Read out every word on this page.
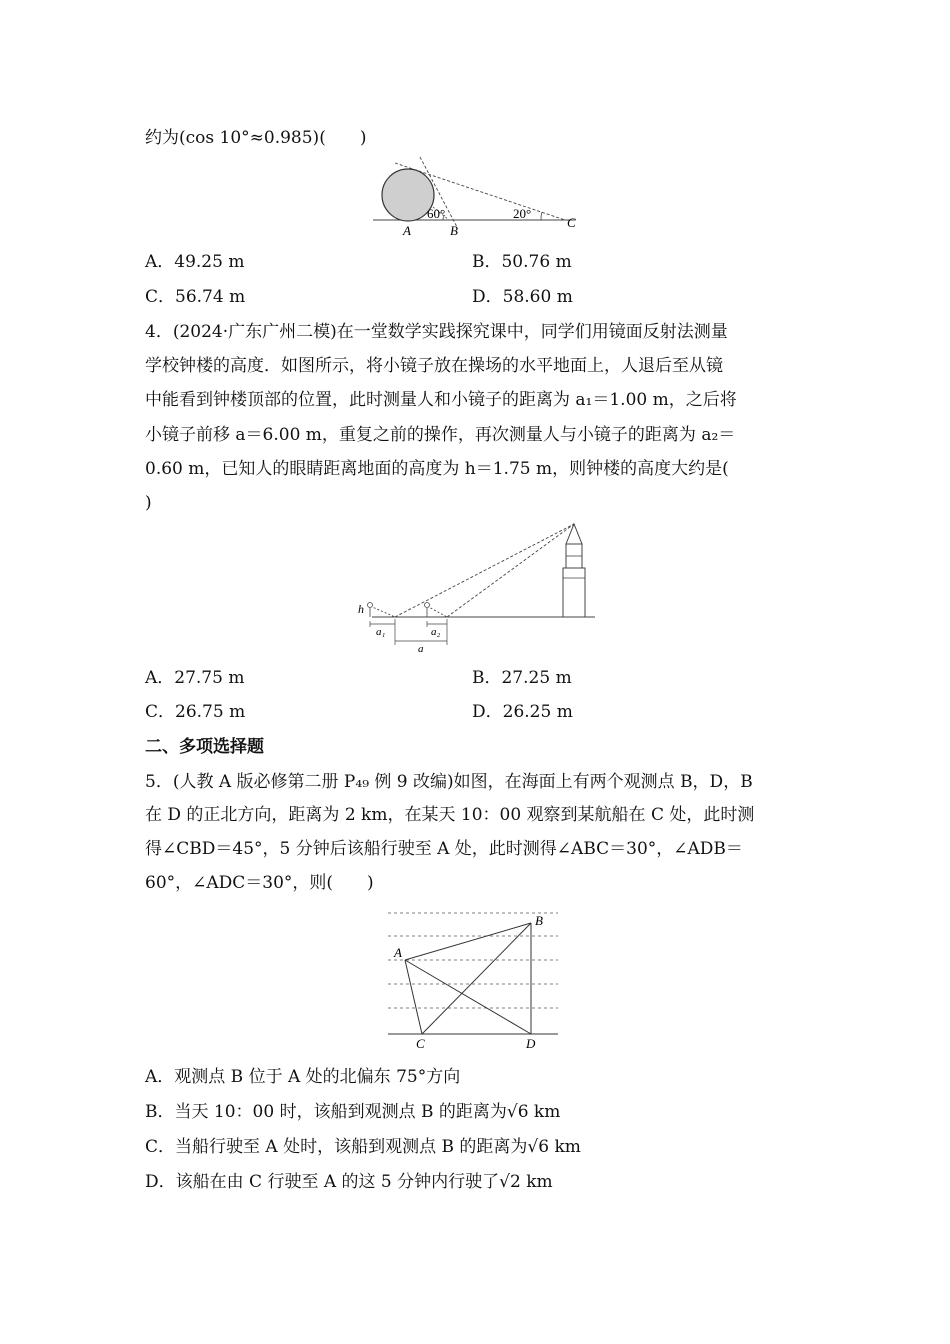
约为(cos 10°≈0.985)(　　)
60°	20°
A	B
C
A．49.25 m	B．50.76 m
C．56.74 m	D．58.60 m
4．(2024·广东广州二模)在一堂数学实践探究课中，同学们用镜面反射法测量
学校钟楼的高度．如图所示，将小镜子放在操场的水平地面上，人退后至从镜
中能看到钟楼顶部的位置，此时测量人和小镜子的距离为 a₁＝1.00 m，之后将
小镜子前移 a＝6.00 m，重复之前的操作，再次测量人与小镜子的距离为 a₂＝
0.60 m，已知人的眼睛距离地面的高度为 h＝1.75 m，则钟楼的高度大约是(
)
h
a₁	a₂
a
A．27.75 m	B．27.25 m
C．26.75 m	D．26.25 m
二、多项选择题
5．(人教 A 版必修第二册 P₄₉ 例 9 改编)如图，在海面上有两个观测点 B，D，B
在 D 的正北方向，距离为 2 km，在某天 10：00 观察到某航船在 C 处，此时测
得∠CBD＝45°，5 分钟后该船行驶至 A 处，此时测得∠ABC＝30°，∠ADB＝
60°，∠ADC＝30°，则(　　)
A
B
C	D
A．观测点 B 位于 A 处的北偏东 75°方向
B．当天 10：00 时，该船到观测点 B 的距离为√6 km
C．当船行驶至 A 处时，该船到观测点 B 的距离为√6 km
D．该船在由 C 行驶至 A 的这 5 分钟内行驶了√2 km
